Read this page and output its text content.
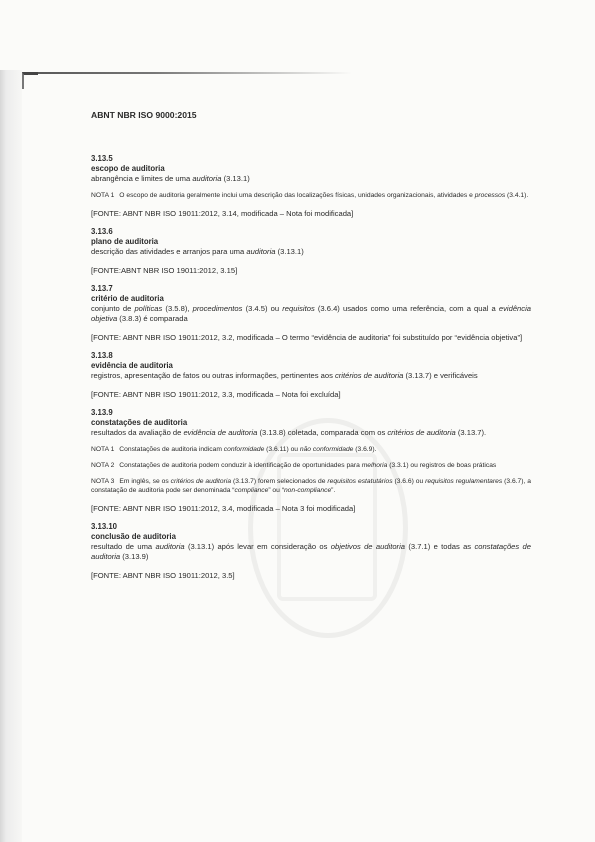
ABNT NBR ISO 9000:2015
3.13.5
escopo de auditoria
abrangência e limites de uma auditoria (3.13.1)
NOTA 1 O escopo de auditoria geralmente inclui uma descrição das localizações físicas, unidades organizacionais, atividades e processos (3.4.1).
[FONTE: ABNT NBR ISO 19011:2012, 3.14, modificada – Nota foi modificada]
3.13.6
plano de auditoria
descrição das atividades e arranjos para uma auditoria (3.13.1)
[FONTE:ABNT NBR ISO 19011:2012, 3.15]
3.13.7
critério de auditoria
conjunto de políticas (3.5.8), procedimentos (3.4.5) ou requisitos (3.6.4) usados como uma referência, com a qual a evidência objetiva (3.8.3) é comparada
[FONTE: ABNT NBR ISO 19011:2012, 3.2, modificada – O termo “evidência de auditoria” foi substituído por “evidência objetiva”]
3.13.8
evidência de auditoria
registros, apresentação de fatos ou outras informações, pertinentes aos critérios de auditoria (3.13.7) e verificáveis
[FONTE: ABNT NBR ISO 19011:2012, 3.3, modificada – Nota foi excluída]
3.13.9
constatações de auditoria
resultados da avaliação de evidência de auditoria (3.13.8) coletada, comparada com os critérios de auditoria (3.13.7).
NOTA 1 Constatações de auditoria indicam conformidade (3.6.11) ou não conformidade (3.6.9).
NOTA 2 Constatações de auditoria podem conduzir à identificação de oportunidades para melhoria (3.3.1) ou registros de boas práticas
NOTA 3 Em inglês, se os critérios de auditoria (3.13.7) forem selecionados de requisitos estatutários (3.6.6) ou requisitos regulamentares (3.6.7), a constatação de auditoria pode ser denominada “compliance” ou “non-compliance”.
[FONTE: ABNT NBR ISO 19011:2012, 3.4, modificada – Nota 3 foi modificada]
3.13.10
conclusão de auditoria
resultado de uma auditoria (3.13.1) após levar em consideração os objetivos de auditoria (3.7.1) e todas as constatações de auditoria (3.13.9)
[FONTE: ABNT NBR ISO 19011:2012, 3.5]
